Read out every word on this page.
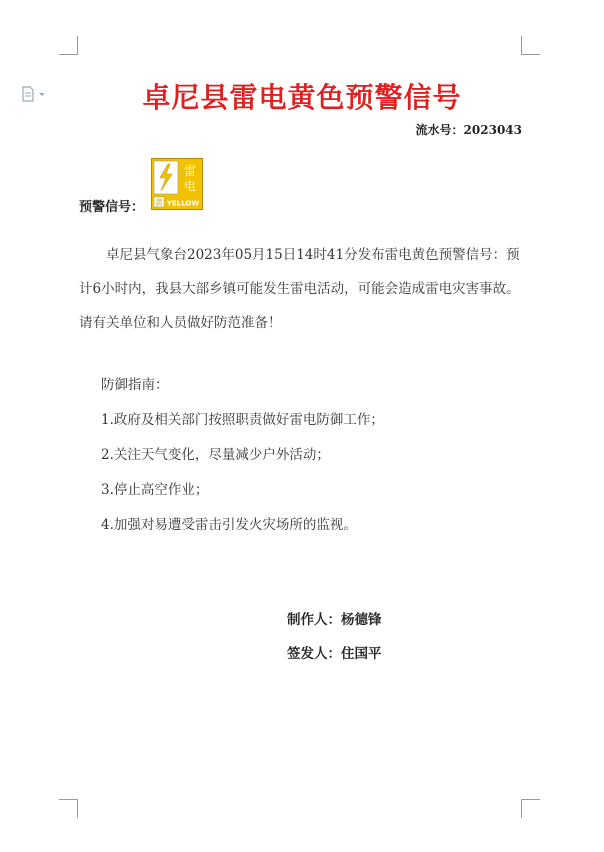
卓尼县雷电黄色预警信号
流水号：2023043
预警信号：
雷
电
黄 YELLOW
卓尼县气象台2023年05月15日14时41分发布雷电黄色预警信号：预计6小时内，我县大部乡镇可能发生雷电活动，可能会造成雷电灾害事故。请有关单位和人员做好防范准备！
防御指南：
1.政府及相关部门按照职责做好雷电防御工作；
2.关注天气变化，尽量减少户外活动；
3.停止高空作业；
4.加强对易遭受雷击引发火灾场所的监视。
制作人：杨德锋
签发人：住国平
